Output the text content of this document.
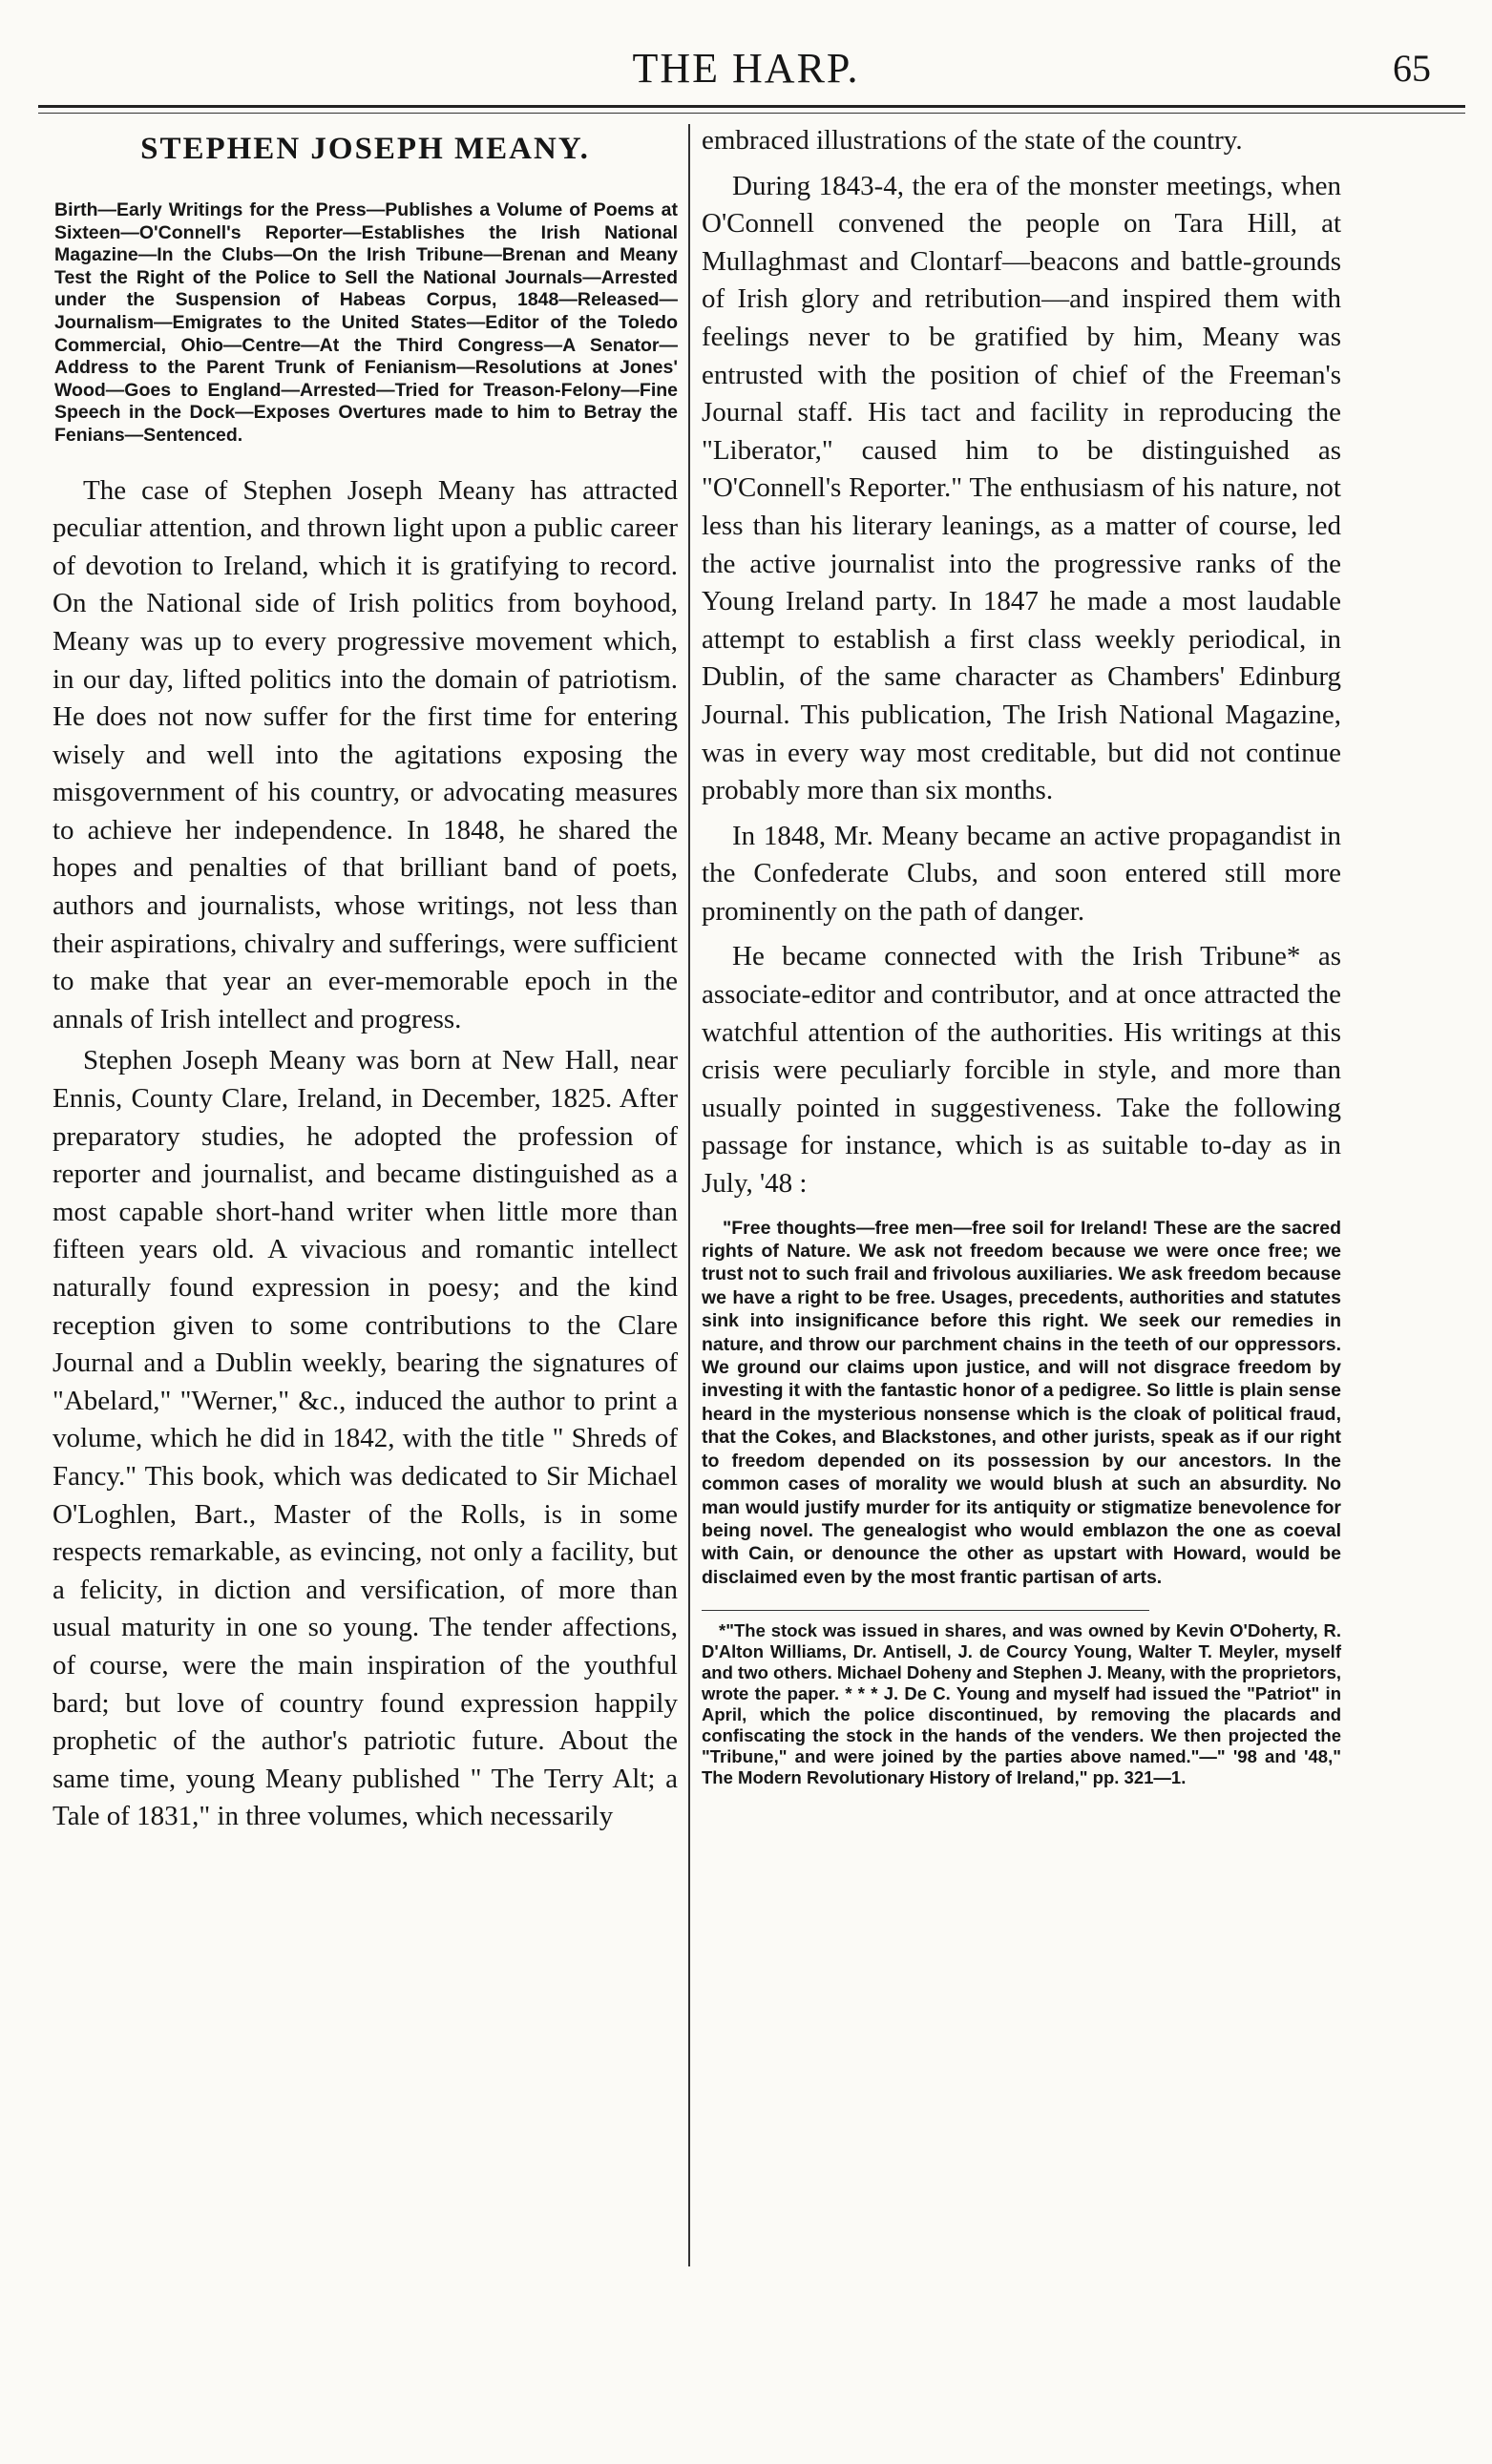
THE HARP.	65
STEPHEN JOSEPH MEANY.
Birth—Early Writings for the Press—Publishes a Volume of Poems at Sixteen—O'Connell's Reporter—Establishes the Irish National Magazine—In the Clubs—On the Irish Tribune—Brenan and Meany Test the Right of the Police to Sell the National Journals—Arrested under the Suspension of Habeas Corpus, 1848—Released—Journalism—Emigrates to the United States—Editor of the Toledo Commercial, Ohio—Centre—At the Third Congress—A Senator—Address to the Parent Trunk of Fenianism—Resolutions at Jones' Wood—Goes to England—Arrested—Tried for Treason-Felony—Fine Speech in the Dock—Exposes Overtures made to him to Betray the Fenians—Sentenced.

The case of Stephen Joseph Meany has attracted peculiar attention, and thrown light upon a public career of devotion to Ireland, which it is gratifying to record. On the National side of Irish politics from boyhood, Meany was up to every progressive movement which, in our day, lifted politics into the domain of patriotism. He does not now suffer for the first time for entering wisely and well into the agitations exposing the misgovernment of his country, or advocating measures to achieve her independence. In 1848, he shared the hopes and penalties of that brilliant band of poets, authors and journalists, whose writings, not less than their aspirations, chivalry and sufferings, were sufficient to make that year an ever-memorable epoch in the annals of Irish intellect and progress.

Stephen Joseph Meany was born at New Hall, near Ennis, County Clare, Ireland, in December, 1825. After preparatory studies, he adopted the profession of reporter and journalist, and became distinguished as a most capable short-hand writer when little more than fifteen years old. A vivacious and romantic intellect naturally found expression in poesy; and the kind reception given to some contributions to the Clare Journal and a Dublin weekly, bearing the signatures of "Abelard," "Werner," &c., induced the author to print a volume, which he did in 1842, with the title " Shreds of Fancy." This book, which was dedicated to Sir Michael O'Loghlen, Bart., Master of the Rolls, is in some respects remarkable, as evincing, not only a facility, but a felicity, in diction and versification, of more than usual maturity in one so young. The tender affections, of course, were the main inspiration of the youthful bard; but love of country found expression happily prophetic of the author's patriotic future. About the same time, young Meany published " The Terry Alt; a Tale of 1831," in three volumes, which necessarily

embraced illustrations of the state of the country.

During 1843-4, the era of the monster meetings, when O'Connell convened the people on Tara Hill, at Mullaghmast and Clontarf—beacons and battle-grounds of Irish glory and retribution—and inspired them with feelings never to be gratified by him, Meany was entrusted with the position of chief of the Freeman's Journal staff. His tact and facility in reproducing the "Liberator," caused him to be distinguished as "O'Connell's Reporter." The enthusiasm of his nature, not less than his literary leanings, as a matter of course, led the active journalist into the progressive ranks of the Young Ireland party. In 1847 he made a most laudable attempt to establish a first class weekly periodical, in Dublin, of the same character as Chambers' Edinburg Journal. This publication, The Irish National Magazine, was in every way most creditable, but did not continue probably more than six months.

In 1848, Mr. Meany became an active propagandist in the Confederate Clubs, and soon entered still more prominently on the path of danger.

He became connected with the Irish Tribune* as associate-editor and contributor, and at once attracted the watchful attention of the authorities. His writings at this crisis were peculiarly forcible in style, and more than usually pointed in suggestiveness. Take the following passage for instance, which is as suitable to-day as in July, '48 :

"Free thoughts—free men—free soil for Ireland! These are the sacred rights of Nature. We ask not freedom because we were once free; we trust not to such frail and frivolous auxiliaries. We ask freedom because we have a right to be free. Usages, precedents, authorities and statutes sink into insignificance before this right. We seek our remedies in nature, and throw our parchment chains in the teeth of our oppressors. We ground our claims upon justice, and will not disgrace freedom by investing it with the fantastic honor of a pedigree. So little is plain sense heard in the mysterious nonsense which is the cloak of political fraud, that the Cokes, and Blackstones, and other jurists, speak as if our right to freedom depended on its possession by our ancestors. In the common cases of morality we would blush at such an absurdity. No man would justify murder for its antiquity or stigmatize benevolence for being novel. The genealogist who would emblazon the one as coeval with Cain, or denounce the other as upstart with Howard, would be disclaimed even by the most frantic partisan of arts.

*"The stock was issued in shares, and was owned by Kevin O'Doherty, R. D'Alton Williams, Dr. Antisell, J. de Courcy Young, Walter T. Meyler, myself and two others. Michael Doheny and Stephen J. Meany, with the proprietors, wrote the paper. * * * J. De C. Young and myself had issued the "Patriot" in April, which the police discontinued, by removing the placards and confiscating the stock in the hands of the venders. We then projected the "Tribune," and were joined by the parties above named."—" '98 and '48," The Modern Revolutionary History of Ireland," pp. 321—1.
